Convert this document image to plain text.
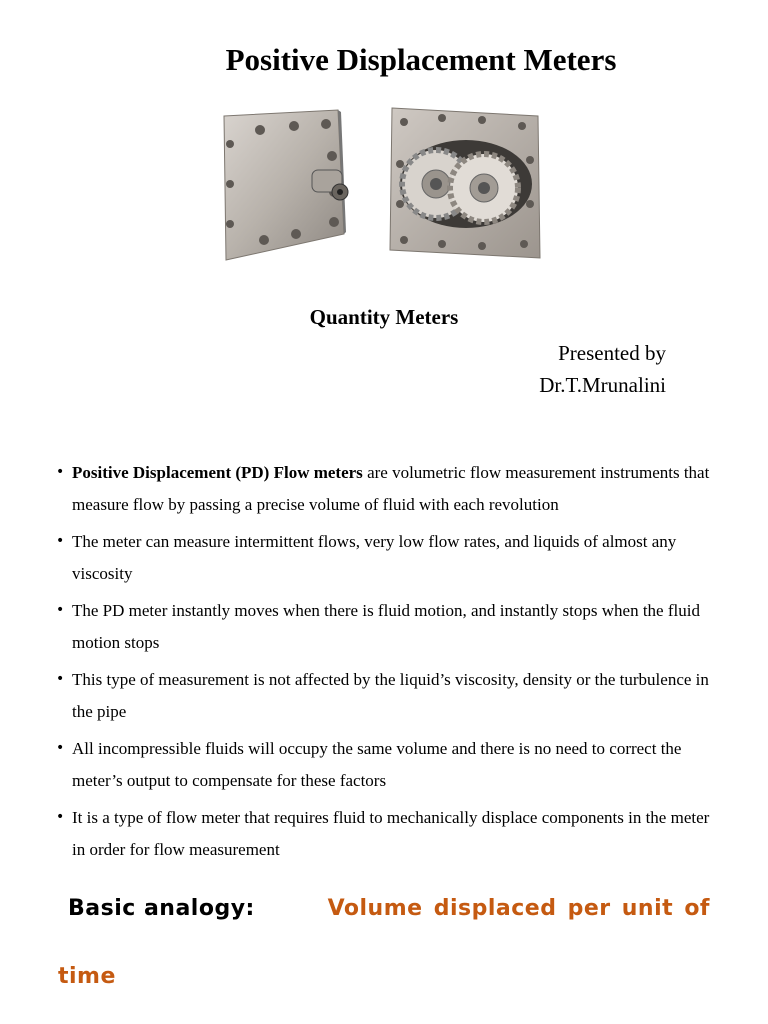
Positive Displacement Meters
Quantity Meters
Presented by
Dr.T.Mrunalini
• Positive Displacement (PD) Flow meters are volumetric flow measurement instruments that measure flow by passing a precise volume of fluid with each revolution
• The meter can measure intermittent flows, very low flow rates, and liquids of almost any viscosity
• The PD meter instantly moves when there is fluid motion, and instantly stops when the fluid motion stops
• This type of measurement is not affected by the liquid’s viscosity, density or the turbulence in the pipe
• All incompressible fluids will occupy the same volume and there is no need to correct the meter’s output to compensate for these factors
• It is a type of flow meter that requires fluid to mechanically displace components in the meter in order for flow measurement
Basic analogy:	Volume displaced per unit of
time
